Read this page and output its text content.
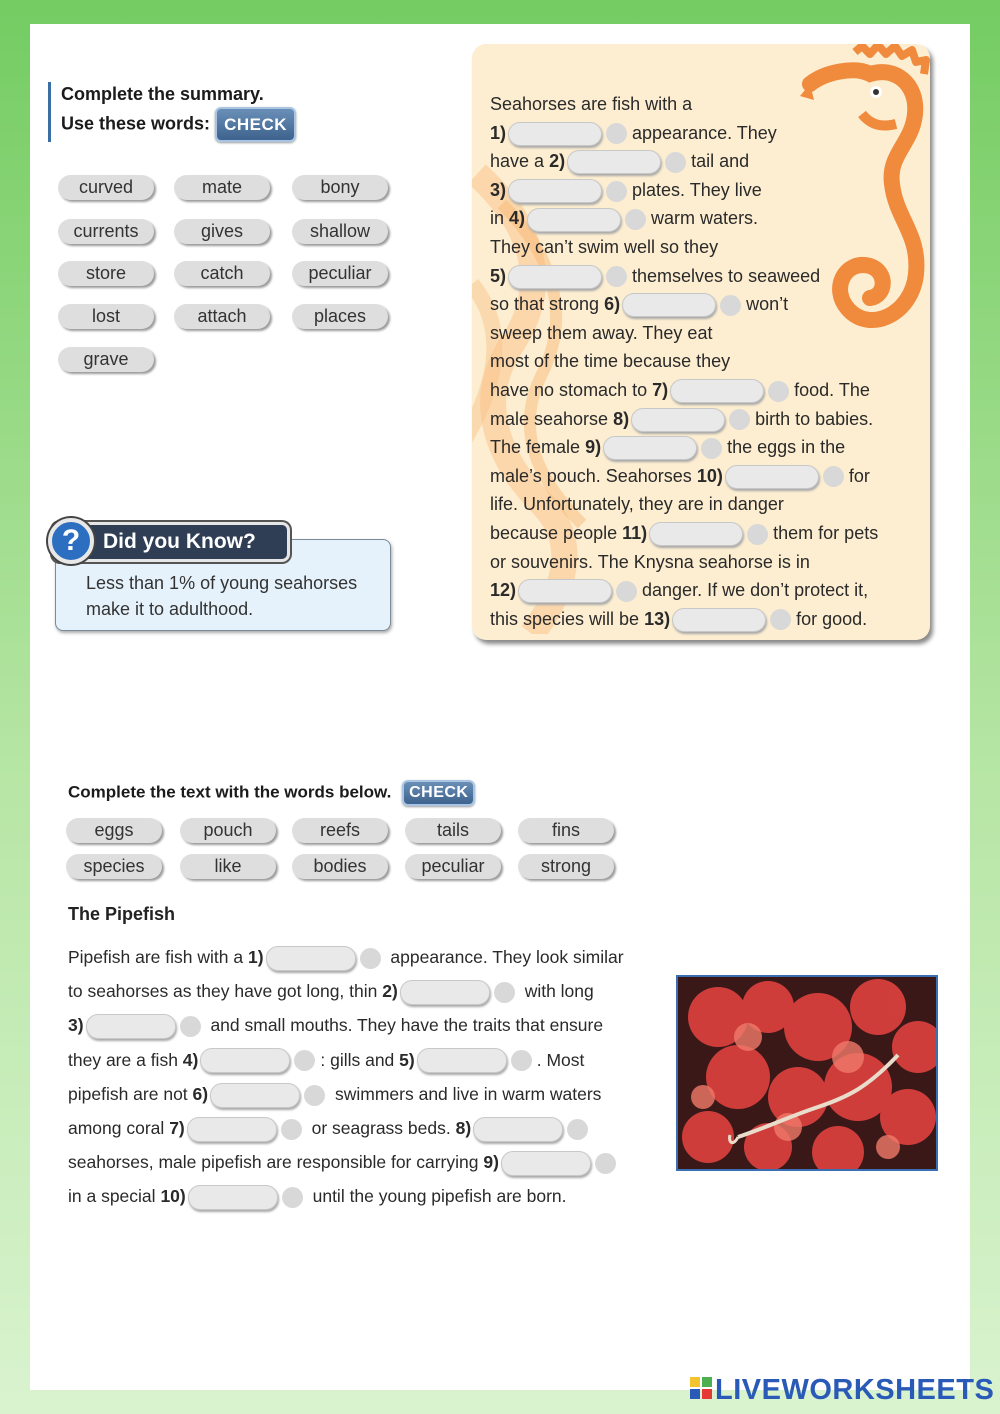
Complete the summary.
Use these words: CHECK
curved	mate	bony
currents	gives	shallow
store	catch	peculiar
lost	attach	places
grave
Less than 1% of young seahorses
make it to adulthood.
Did you Know?
?
Seahorses are fish with a
1)	appearance. They
have a 2)	tail and
3)	plates. They live
in 4)	warm waters.
They can’t swim well so they
5)	themselves to seaweed
so that strong 6)	won’t
sweep them away. They eat
most of the time because they
have no stomach to 7)	food. The
male seahorse 8)	birth to babies.
The female 9)	the eggs in the
male’s pouch. Seahorses 10)	for
life. Unfortunately, they are in danger
because people 11)	them for pets
or souvenirs. The Knysna seahorse is in
12)	danger. If we don’t protect it,
this species will be 13)	for good.
Complete the text with the words below. CHECK
eggs	pouch	reefs	tails	fins
species	like	bodies	peculiar	strong
The Pipefish
Pipefish are fish with a 1)	appearance. They look similar
to seahorses as they have got long, thin 2)	with long
3)	and small mouths. They have the traits that ensure
they are a fish 4)	: gills and 5)	. Most
pipefish are not 6)	swimmers and live in warm waters
among coral 7)	or seagrass beds. 8)
seahorses, male pipefish are responsible for carrying 9)
in a special 10)	until the young pipefish are born.
LIVEWORKSHEETS
